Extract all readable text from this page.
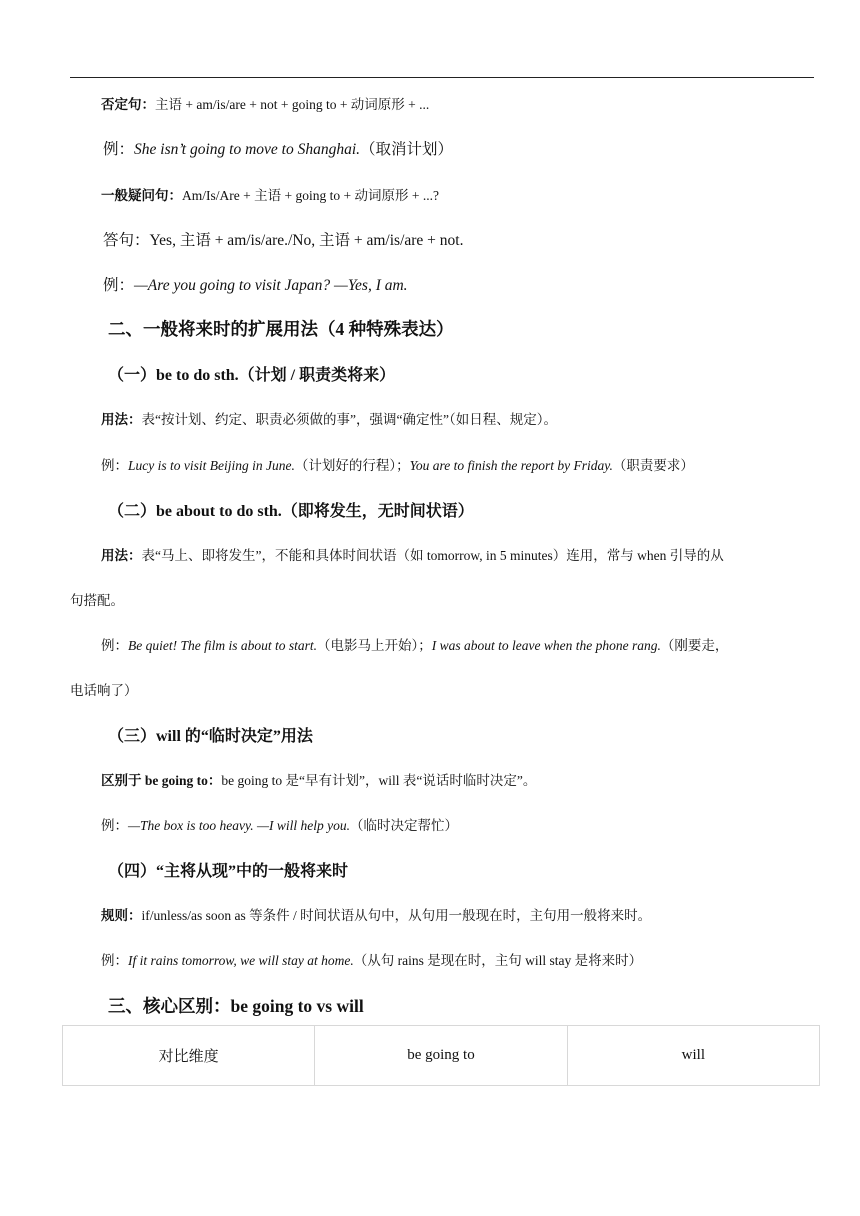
否定句：主语 + am/is/are + not + going to + 动词原形 + ...
例：She isn’t going to move to Shanghai.（取消计划）
一般疑问句：Am/Is/Are + 主语 + going to + 动词原形 + ...?
答句：Yes, 主语 + am/is/are./No, 主语 + am/is/are + not.
例：—Are you going to visit Japan? —Yes, I am.
二、一般将来时的扩展用法（4 种特殊表达）
（一）be to do sth.（计划 / 职责类将来）
用法：表“按计划、约定、职责必须做的事”，强调“确定性”（如日程、规定）。
例：Lucy is to visit Beijing in June.（计划好的行程）；You are to finish the report by Friday.（职责要求）
（二）be about to do sth.（即将发生，无时间状语）
用法：表“马上、即将发生”，不能和具体时间状语（如 tomorrow, in 5 minutes）连用，常与 when 引导的从
句搭配。
例：Be quiet! The film is about to start.（电影马上开始）；I was about to leave when the phone rang.（刚要走，
电话响了）
（三）will 的“临时决定”用法
区别于 be going to：be going to 是“早有计划”，will 表“说话时临时决定”。
例：—The box is too heavy. —I will help you.（临时决定帮忙）
（四）“主将从现”中的一般将来时
规则：if/unless/as soon as 等条件 / 时间状语从句中，从句用一般现在时，主句用一般将来时。
例：If it rains tomorrow, we will stay at home.（从句 rains 是现在时，主句 will stay 是将来时）
三、核心区别：be going to vs will
对比维度	be going to	will
